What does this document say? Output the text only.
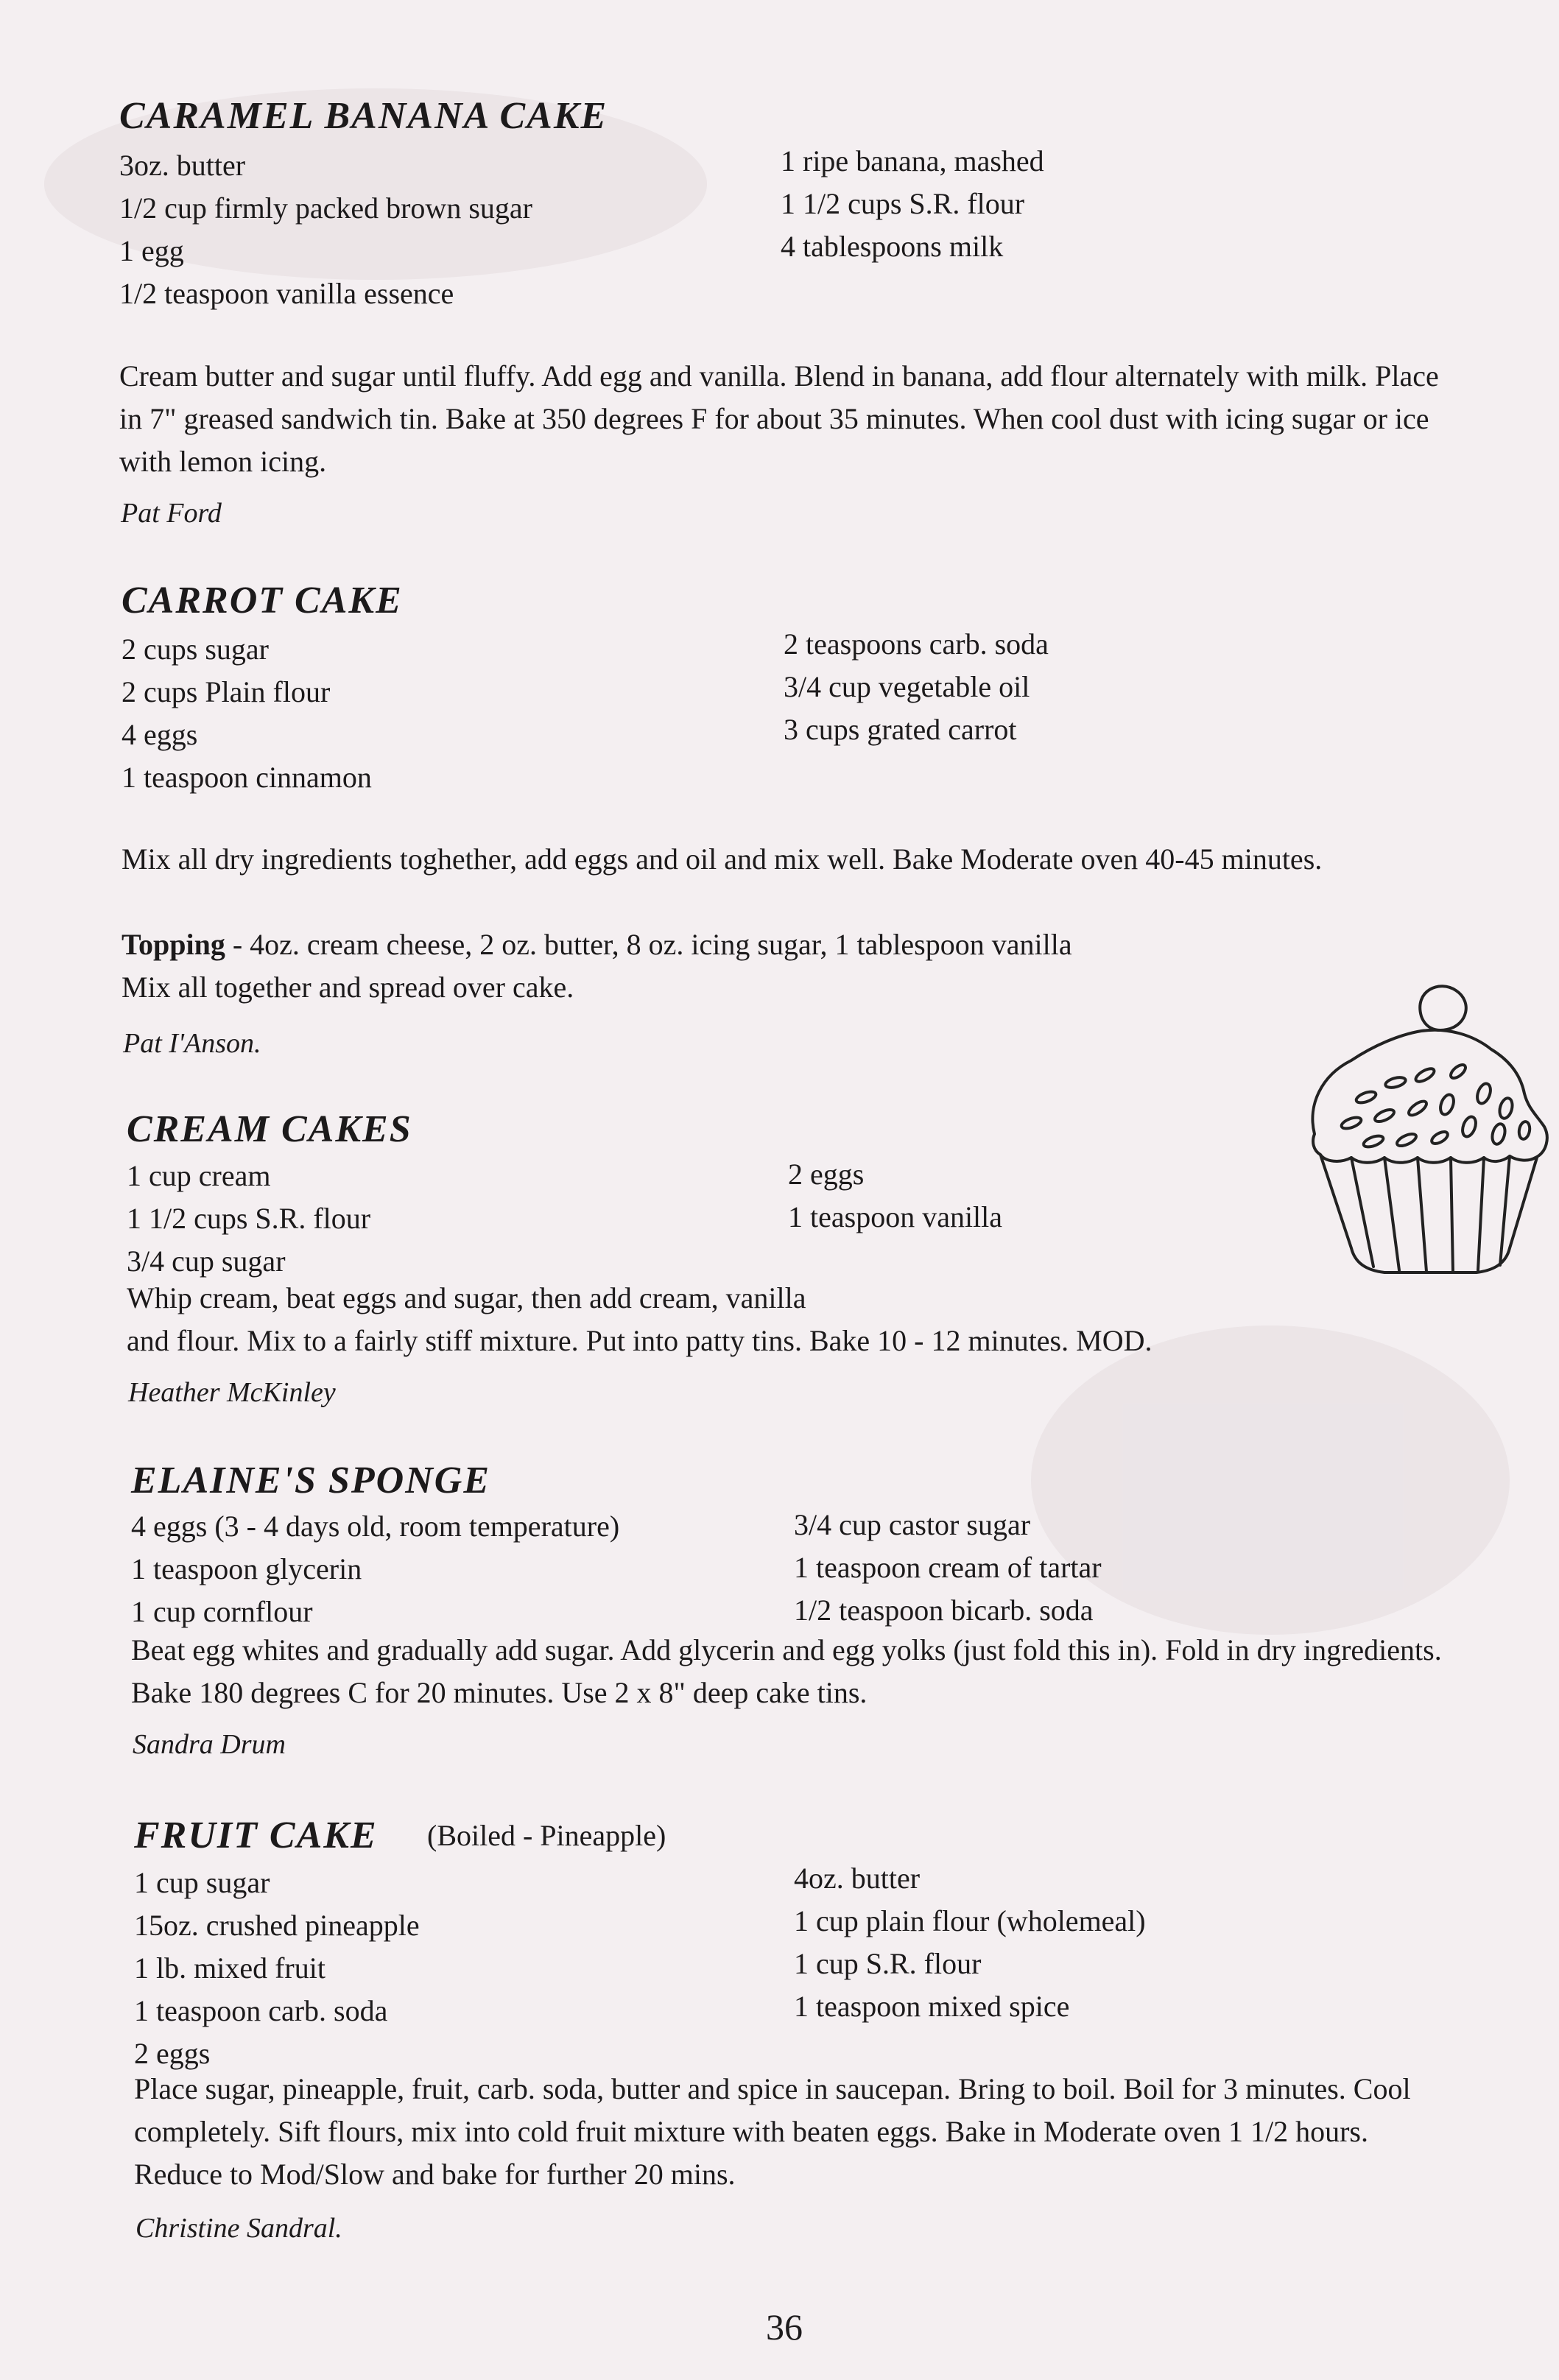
CARAMEL BANANA CAKE
3oz. butter
1/2 cup firmly packed brown sugar
1 egg
1/2 teaspoon vanilla essence
1 ripe banana, mashed
1 1/2 cups S.R. flour
4 tablespoons milk

Cream butter and sugar until fluffy. Add egg and vanilla. Blend in banana, add flour alternately with milk. Place in 7" greased sandwich tin. Bake at 350 degrees F for about 35 minutes. When cool dust with icing sugar or ice with lemon icing.

Pat Ford
CARROT CAKE
2 cups sugar
2 cups Plain flour
4 eggs
1 teaspoon cinnamon
2 teaspoons carb. soda
3/4 cup vegetable oil
3 cups grated carrot

Mix all dry ingredients toghether, add eggs and oil and mix well. Bake Moderate oven 40-45 minutes.

Topping - 4oz. cream cheese, 2 oz. butter, 8 oz. icing sugar, 1 tablespoon vanilla

Mix all together and spread over cake.

Pat I'Anson.
CREAM CAKES
1 cup cream
1 1/2 cups S.R. flour
3/4 cup sugar
2 eggs
1 teaspoon vanilla

Whip cream, beat eggs and sugar, then add cream, vanilla

and flour. Mix to a fairly stiff mixture. Put into patty tins. Bake 10 - 12 minutes. MOD.

Heather McKinley
ELAINE'S SPONGE
4 eggs (3 - 4 days old, room temperature)
1 teaspoon glycerin
1 cup cornflour
3/4 cup castor sugar
1 teaspoon cream of tartar
1/2 teaspoon bicarb. soda

Beat egg whites and gradually add sugar. Add glycerin and egg yolks (just fold this in). Fold in dry ingredients. Bake 180 degrees C for 20 minutes. Use 2 x 8" deep cake tins.

Sandra Drum
FRUIT CAKE (Boiled - Pineapple)
1 cup sugar
15oz. crushed pineapple
1 lb. mixed fruit
1 teaspoon carb. soda
2 eggs
4oz. butter
1 cup plain flour (wholemeal)
1 cup S.R. flour
1 teaspoon mixed spice

Place sugar, pineapple, fruit, carb. soda, butter and spice in saucepan. Bring to boil. Boil for 3 minutes. Cool completely. Sift flours, mix into cold fruit mixture with beaten eggs. Bake in Moderate oven 1 1/2 hours. Reduce to Mod/Slow and bake for further 20 mins.

Christine Sandral.
36
